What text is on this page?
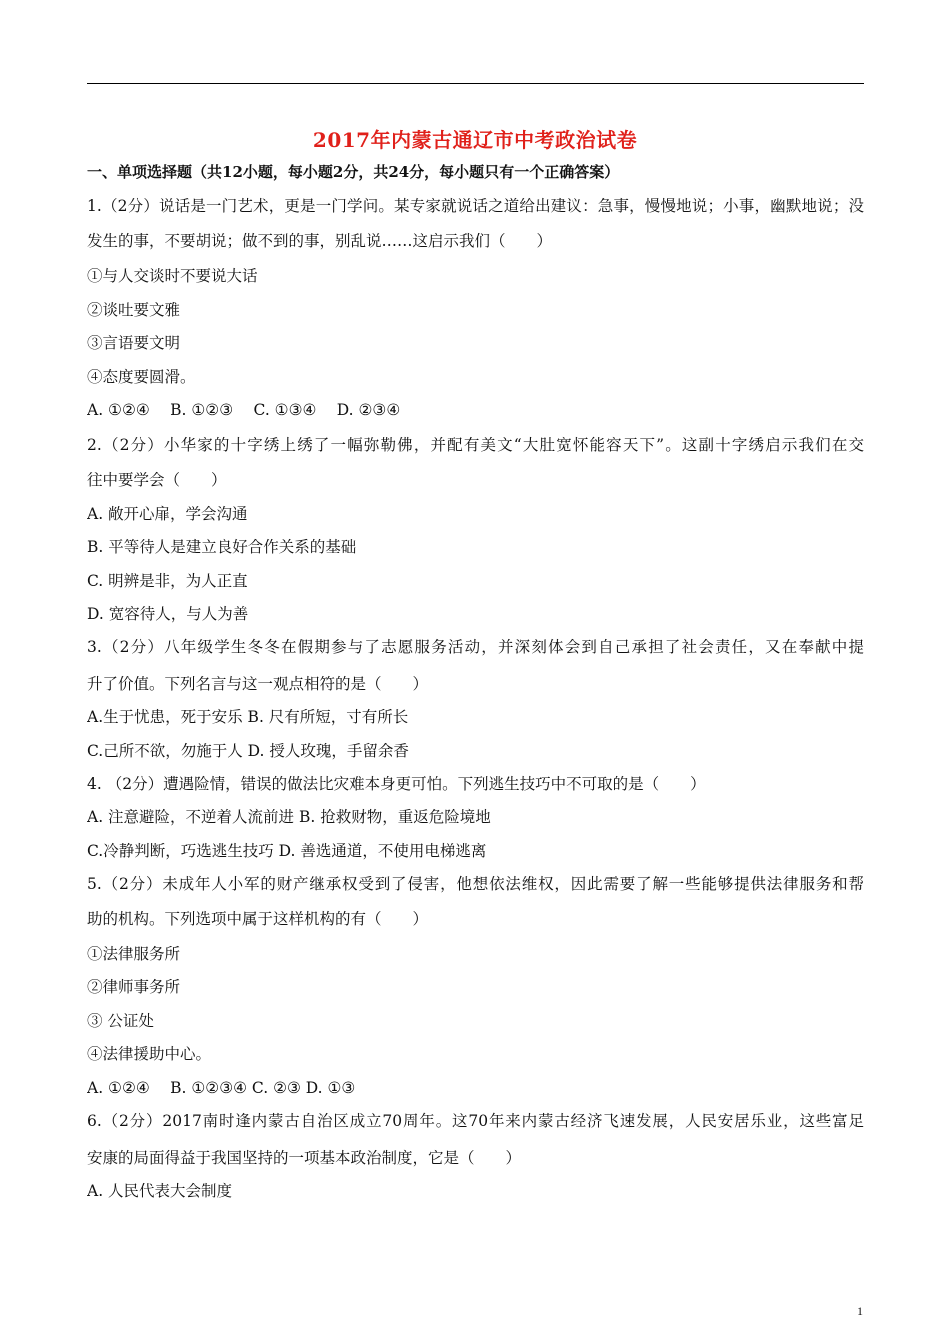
2017年内蒙古通辽市中考政治试卷
一、单项选择题（共12小题，每小题2分，共24分，每小题只有一个正确答案）
1.（2分）说话是一门艺术，更是一门学问。某专家就说话之道给出建议：急事，慢慢地说；小事，幽默地说；没
发生的事，不要胡说；做不到的事，别乱说……这启示我们（　　）
①与人交谈时不要说大话
②谈吐要文雅
③言语要文明
④态度要圆滑。
A. ①②④　 B. ①②③　 C. ①③④　 D. ②③④
2.（2分）小华家的十字绣上绣了一幅弥勒佛，并配有美文“大肚宽怀能容天下”。这副十字绣启示我们在交
往中要学会（　　）
A. 敞开心扉，学会沟通
B. 平等待人是建立良好合作关系的基础
C. 明辨是非，为人正直
D. 宽容待人，与人为善
3.（2分）八年级学生冬冬在假期参与了志愿服务活动，并深刻体会到自己承担了社会责任，又在奉献中提
升了价值。下列名言与这一观点相符的是（　　）
A.生于忧患，死于安乐 B. 尺有所短，寸有所长
C.己所不欲，勿施于人 D. 授人玫瑰，手留余香
4. （2分）遭遇险情，错误的做法比灾难本身更可怕。下列逃生技巧中不可取的是（　　）
A. 注意避险，不逆着人流前进 B. 抢救财物，重返危险境地
C.冷静判断，巧选逃生技巧 D. 善选通道，不使用电梯逃离
5.（2分）未成年人小军的财产继承权受到了侵害，他想依法维权，因此需要了解一些能够提供法律服务和帮
助的机构。下列选项中属于这样机构的有（　　）
①法律服务所
②律师事务所
③ 公证处
④法律援助中心。
A. ①②④　 B. ①②③④ C. ②③ D. ①③
6.（2分）2017南时逢内蒙古自治区成立70周年。这70年来内蒙古经济飞速发展，人民安居乐业，这些富足
安康的局面得益于我国坚持的一项基本政治制度，它是（　　）
A. 人民代表大会制度
1
